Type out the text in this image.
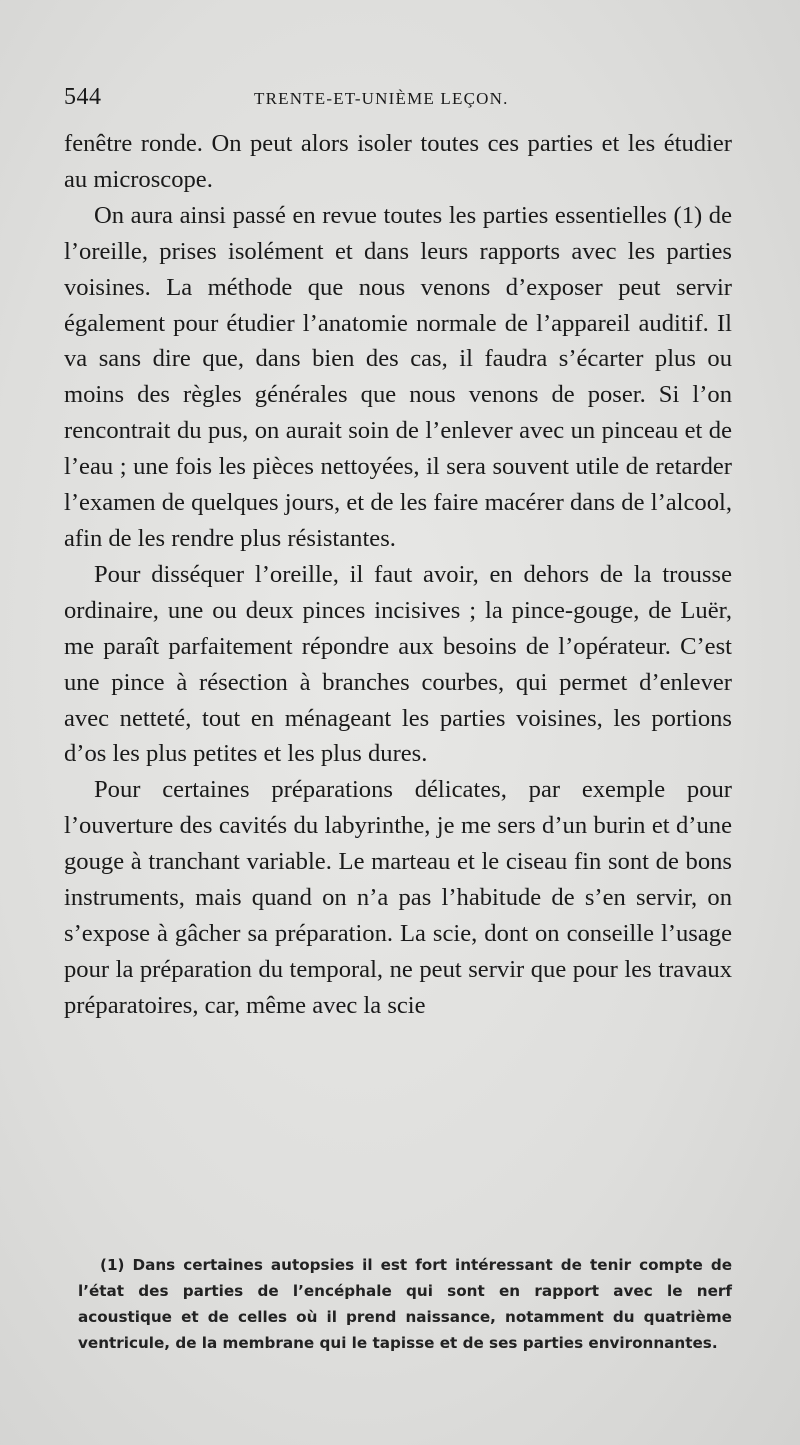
544	TRENTE-ET-UNIÈME LEÇON.

fenêtre ronde. On peut alors isoler toutes ces parties et les étudier au microscope.

On aura ainsi passé en revue toutes les parties essentielles (1) de l’oreille, prises isolément et dans leurs rapports avec les parties voisines. La méthode que nous venons d’exposer peut servir également pour étudier l’anatomie normale de l’appareil auditif. Il va sans dire que, dans bien des cas, il faudra s’écarter plus ou moins des règles générales que nous venons de poser. Si l’on rencontrait du pus, on aurait soin de l’enlever avec un pinceau et de l’eau ; une fois les pièces nettoyées, il sera souvent utile de retarder l’examen de quelques jours, et de les faire macérer dans de l’alcool, afin de les rendre plus résistantes.

Pour disséquer l’oreille, il faut avoir, en dehors de la trousse ordinaire, une ou deux pinces incisives ; la pince-gouge, de Luër, me paraît parfaitement répondre aux besoins de l’opérateur. C’est une pince à résection à branches courbes, qui permet d’enlever avec netteté, tout en ménageant les parties voisines, les portions d’os les plus petites et les plus dures.

Pour certaines préparations délicates, par exemple pour l’ouverture des cavités du labyrinthe, je me sers d’un burin et d’une gouge à tranchant variable. Le marteau et le ciseau fin sont de bons instruments, mais quand on n’a pas l’habitude de s’en servir, on s’expose à gâcher sa préparation. La scie, dont on conseille l’usage pour la préparation du temporal, ne peut servir que pour les travaux préparatoires, car, même avec la scie

(1) Dans certaines autopsies il est fort intéressant de tenir compte de l’état des parties de l’encéphale qui sont en rapport avec le nerf acoustique et de celles où il prend naissance, notamment du quatrième ventricule, de la membrane qui le tapisse et de ses parties environnantes.
